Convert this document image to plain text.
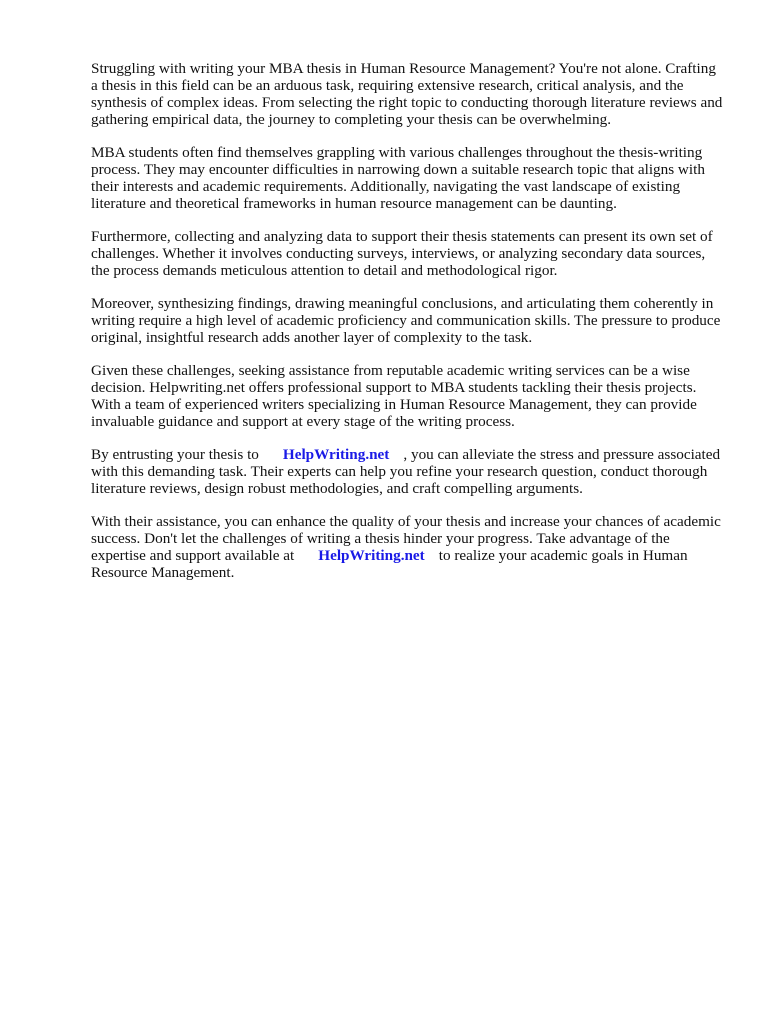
Struggling with writing your MBA thesis in Human Resource Management? You're not alone. Crafting a thesis in this field can be an arduous task, requiring extensive research, critical analysis, and the synthesis of complex ideas. From selecting the right topic to conducting thorough literature reviews and gathering empirical data, the journey to completing your thesis can be overwhelming.

MBA students often find themselves grappling with various challenges throughout the thesis-writing process. They may encounter difficulties in narrowing down a suitable research topic that aligns with their interests and academic requirements. Additionally, navigating the vast landscape of existing literature and theoretical frameworks in human resource management can be daunting.

Furthermore, collecting and analyzing data to support their thesis statements can present its own set of challenges. Whether it involves conducting surveys, interviews, or analyzing secondary data sources, the process demands meticulous attention to detail and methodological rigor.

Moreover, synthesizing findings, drawing meaningful conclusions, and articulating them coherently in writing require a high level of academic proficiency and communication skills. The pressure to produce original, insightful research adds another layer of complexity to the task.

Given these challenges, seeking assistance from reputable academic writing services can be a wise decision. Helpwriting.net offers professional support to MBA students tackling their thesis projects. With a team of experienced writers specializing in Human Resource Management, they can provide invaluable guidance and support at every stage of the writing process.

By entrusting your thesis to HelpWriting.net , you can alleviate the stress and pressure associated with this demanding task. Their experts can help you refine your research question, conduct thorough literature reviews, design robust methodologies, and craft compelling arguments.

With their assistance, you can enhance the quality of your thesis and increase your chances of academic success. Don't let the challenges of writing a thesis hinder your progress. Take advantage of the expertise and support available at HelpWriting.net to realize your academic goals in Human Resource Management.
